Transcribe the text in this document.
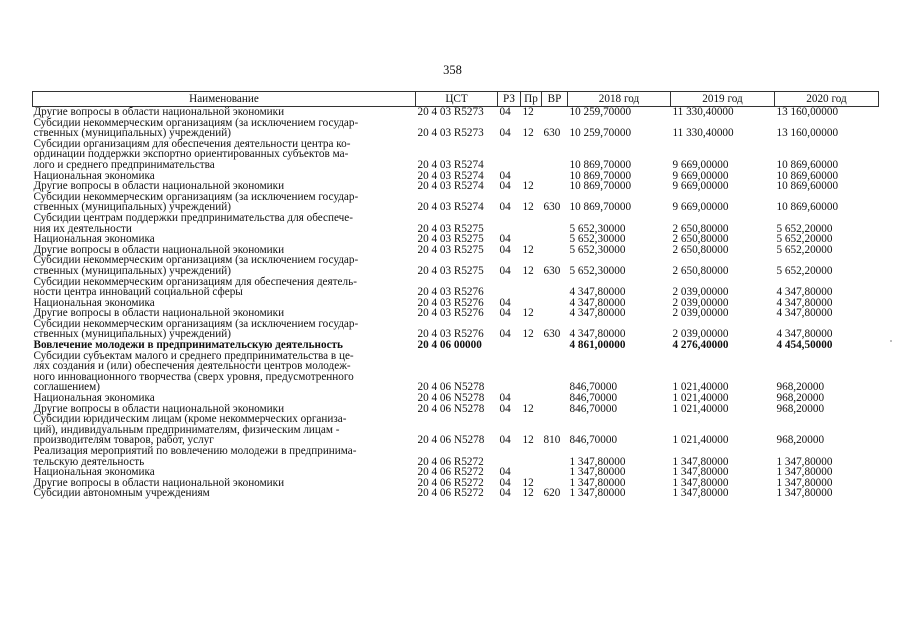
358
Наименование	ЦСТ	РЗ	Пр	ВР	2018 год	2019 год	2020 год

Другие вопросы в области национальной экономики	20 4 03 R5273	04	12		10 259,70000	11 330,40000	13 160,00000

Субсидии некоммерческим организациям (за исключением государ-
ственных (муниципальных) учреждений)	20 4 03 R5273	04	12	630	10 259,70000	11 330,40000	13 160,00000

Субсидии организациям для обеспечения деятельности центра ко-
ординации поддержки экспортно ориентированных субъектов ма-
лого и среднего предпринимательства	20 4 03 R5274				10 869,70000	9 669,00000	10 869,60000

Национальная экономика	20 4 03 R5274	04			10 869,70000	9 669,00000	10 869,60000

Другие вопросы в области национальной экономики	20 4 03 R5274	04	12		10 869,70000	9 669,00000	10 869,60000

Субсидии некоммерческим организациям (за исключением государ-
ственных (муниципальных) учреждений)	20 4 03 R5274	04	12	630	10 869,70000	9 669,00000	10 869,60000

Субсидии центрам поддержки предпринимательства для обеспече-
ния их деятельности	20 4 03 R5275				5 652,30000	2 650,80000	5 652,20000

Национальная экономика	20 4 03 R5275	04			5 652,30000	2 650,80000	5 652,20000

Другие вопросы в области национальной экономики	20 4 03 R5275	04	12		5 652,30000	2 650,80000	5 652,20000

Субсидии некоммерческим организациям (за исключением государ-
ственных (муниципальных) учреждений)	20 4 03 R5275	04	12	630	5 652,30000	2 650,80000	5 652,20000

Субсидии некоммерческим организациям для обеспечения деятель-
ности центра инноваций социальной сферы	20 4 03 R5276				4 347,80000	2 039,00000	4 347,80000

Национальная экономика	20 4 03 R5276	04			4 347,80000	2 039,00000	4 347,80000

Другие вопросы в области национальной экономики	20 4 03 R5276	04	12		4 347,80000	2 039,00000	4 347,80000

Субсидии некоммерческим организациям (за исключением государ-
ственных (муниципальных) учреждений)	20 4 03 R5276	04	12	630	4 347,80000	2 039,00000	4 347,80000

Вовлечение молодежи в предпринимательскую деятельность	20 4 06 00000				4 861,00000	4 276,40000	4 454,50000

Субсидии субъектам малого и среднего предпринимательства в це-
лях создания и (или) обеспечения деятельности центров молодеж-
ного инновационного творчества (сверх уровня, предусмотренного
соглашением)	20 4 06 N5278				846,70000	1 021,40000	968,20000

Национальная экономика	20 4 06 N5278	04			846,70000	1 021,40000	968,20000

Другие вопросы в области национальной экономики	20 4 06 N5278	04	12		846,70000	1 021,40000	968,20000

Субсидии юридическим лицам (кроме некоммерческих организа-
ций), индивидуальным предпринимателям, физическим лицам -
производителям товаров, работ, услуг	20 4 06 N5278	04	12	810	846,70000	1 021,40000	968,20000

Реализация мероприятий по вовлечению молодежи в предпринима-
тельскую деятельность	20 4 06 R5272				1 347,80000	1 347,80000	1 347,80000

Национальная экономика	20 4 06 R5272	04			1 347,80000	1 347,80000	1 347,80000

Другие вопросы в области национальной экономики	20 4 06 R5272	04	12		1 347,80000	1 347,80000	1 347,80000

Субсидии автономным учреждениям	20 4 06 R5272	04	12	620	1 347,80000	1 347,80000	1 347,80000
